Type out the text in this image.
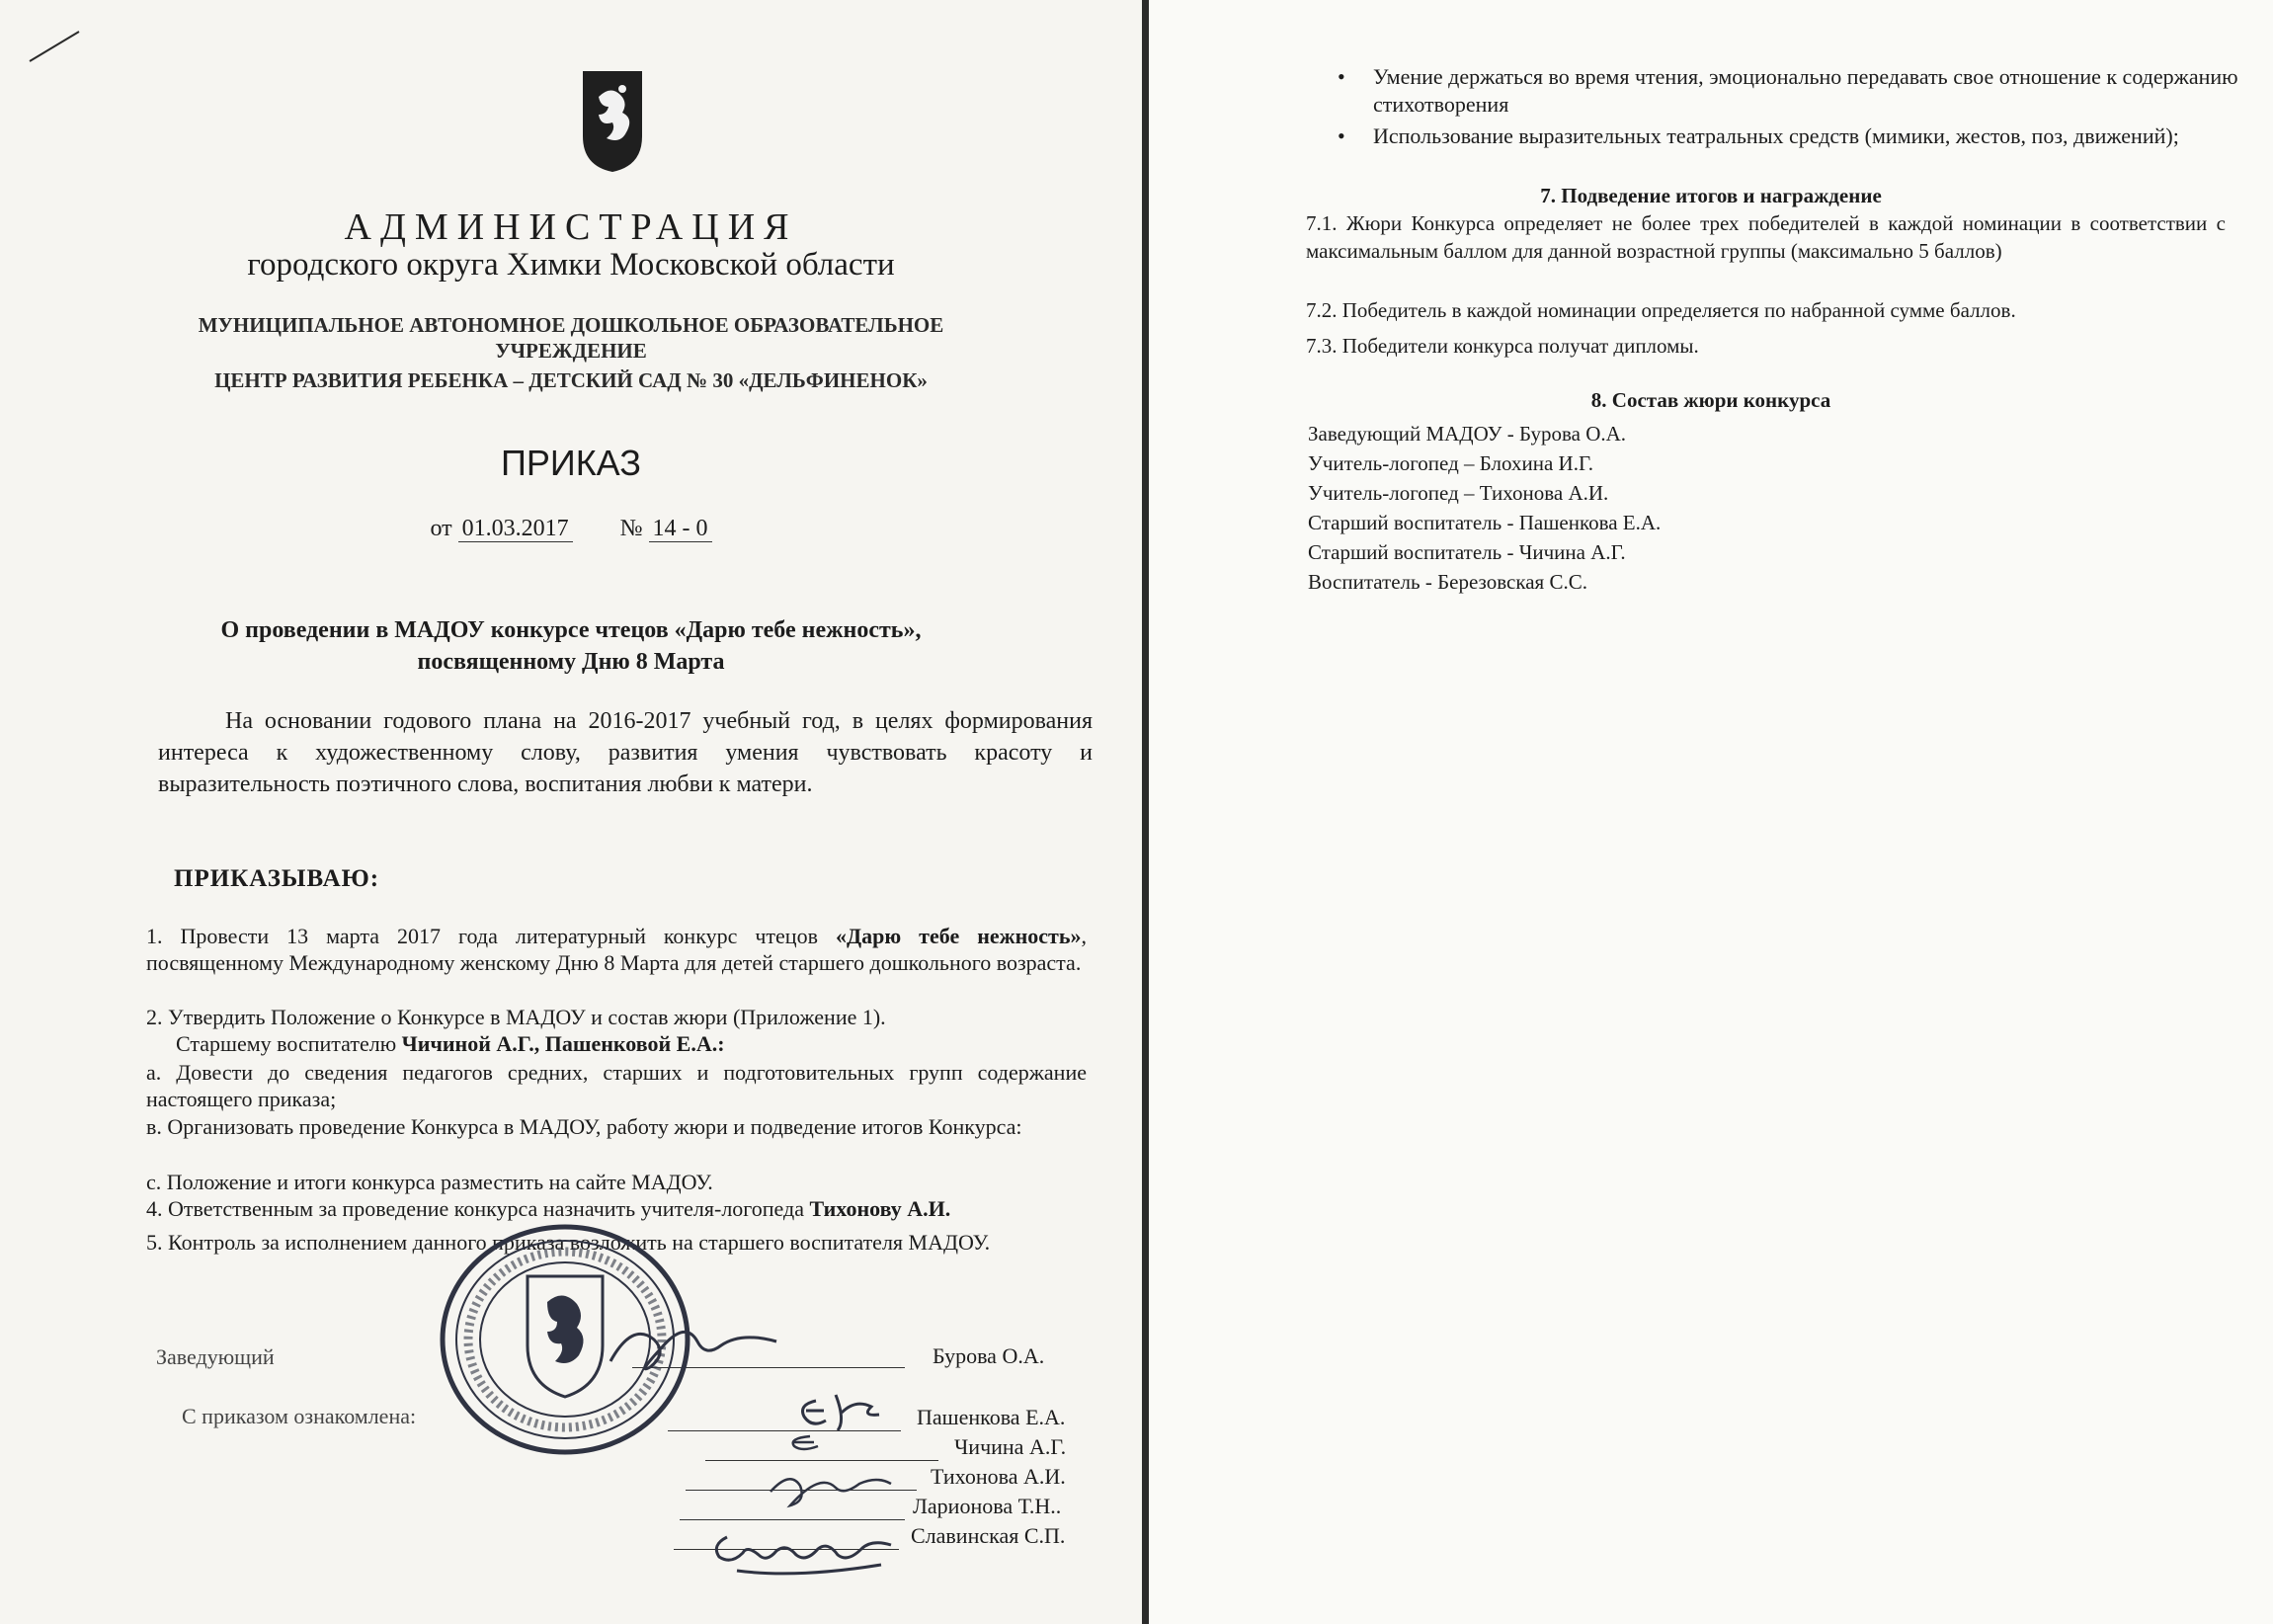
АДМИНИСТРАЦИЯ
городского округа Химки Московской области
МУНИЦИПАЛЬНОЕ АВТОНОМНОЕ ДОШКОЛЬНОЕ ОБРАЗОВАТЕЛЬНОЕ
УЧРЕЖДЕНИЕ
ЦЕНТР РАЗВИТИЯ РЕБЕНКА – ДЕТСКИЙ САД № 30 «ДЕЛЬФИНЕНОК»
ПРИКАЗ
от 01.03.2017 № 14 - 0
О проведении в МАДОУ конкурсе чтецов «Дарю тебе нежность»,
посвященному Дню 8 Марта
На основании годового плана на 2016-2017 учебный год, в целях формирования интереса к художественному слову, развития умения чувствовать красоту и выразительность поэтичного слова, воспитания любви к матери.
ПРИКАЗЫВАЮ:
1. Провести 13 марта 2017 года литературный конкурс чтецов «Дарю тебе нежность», посвященному Международному женскому Дню 8 Марта для детей старшего дошкольного возраста.
2. Утвердить Положение о Конкурсе в МАДОУ и состав жюри (Приложение 1).
Старшему воспитателю Чичиной А.Г., Пашенковой Е.А.:
a. Довести до сведения педагогов средних, старших и подготовительных групп содержание настоящего приказа;
в. Организовать проведение Конкурса в МАДОУ, работу жюри и подведение итогов Конкурса:
c. Положение и итоги конкурса разместить на сайте МАДОУ.
4. Ответственным за проведение конкурса назначить учителя-логопеда Тихонову А.И.
5. Контроль за исполнением данного приказа возложить на старшего воспитателя МАДОУ.
Заведующий	Бурова О.А.
С приказом ознакомлена:	Пашенкова Е.А.
Чичина А.Г.
Тихонова А.И.
Ларионова Т.Н..
Славинская С.П.
• Умение держаться во время чтения, эмоционально передавать свое отношение к содержанию стихотворения
• Использование выразительных театральных средств (мимики, жестов, поз, движений);
7. Подведение итогов и награждение
7.1. Жюри Конкурса определяет не более трех победителей в каждой номинации в соответствии с максимальным баллом для данной возрастной группы (максимально 5 баллов)
7.2. Победитель в каждой номинации определяется по набранной сумме баллов.
7.3. Победители конкурса получат дипломы.
8. Состав жюри конкурса
Заведующий МАДОУ - Бурова О.А.
Учитель-логопед – Блохина И.Г.
Учитель-логопед – Тихонова А.И.
Старший воспитатель - Пашенкова Е.А.
Старший воспитатель - Чичина А.Г.
Воспитатель - Березовская С.С.
